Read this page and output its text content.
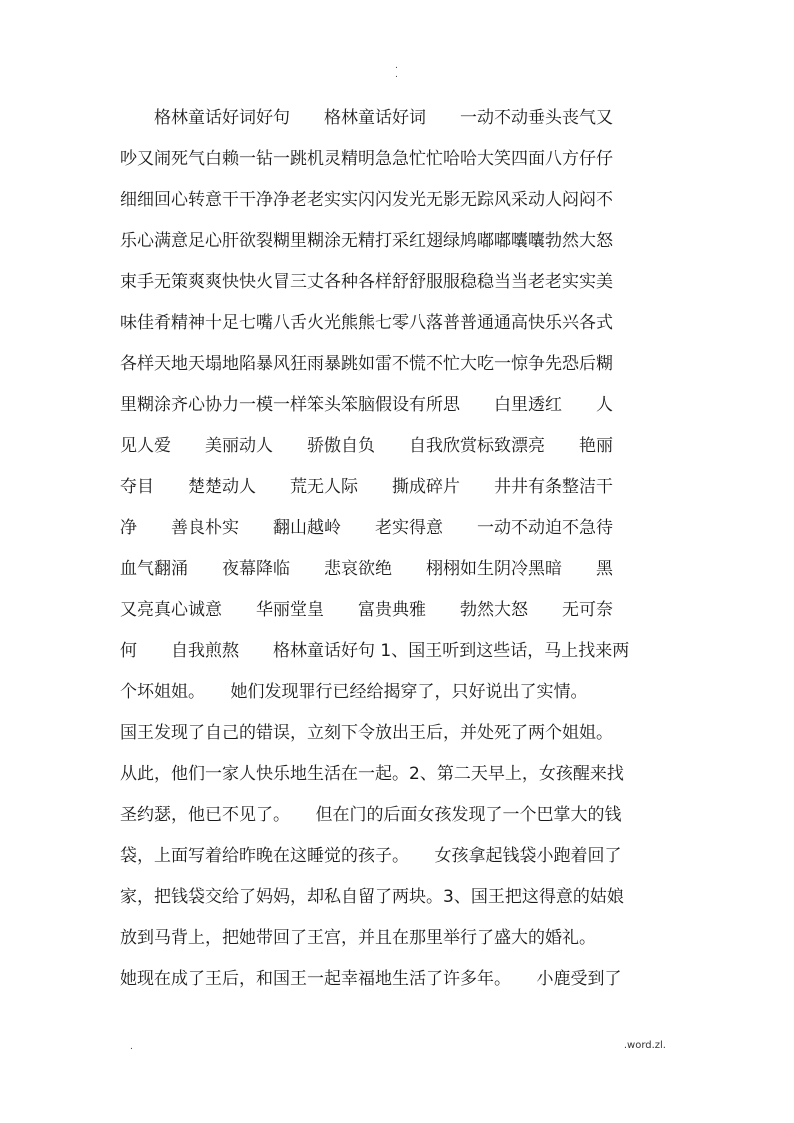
.
.
　　格林童话好词好句　　格林童话好词　　一动不动垂头丧气又
吵又闹死气白赖一钻一跳机灵精明急急忙忙哈哈大笑四面八方仔仔
细细回心转意干干净净老老实实闪闪发光无影无踪风采动人闷闷不
乐心满意足心肝欲裂糊里糊涂无精打采红翅绿鸠嘟嘟囔囔勃然大怒
束手无策爽爽快快火冒三丈各种各样舒舒服服稳稳当当老老实实美
味佳肴精神十足七嘴八舌火光熊熊七零八落普普通通高快乐兴各式
各样天地天塌地陷暴风狂雨暴跳如雷不慌不忙大吃一惊争先恐后糊
里糊涂齐心协力一模一样笨头笨脑假设有所思　　白里透红　　人
见人爱　　美丽动人　　骄傲自负　　自我欣赏标致漂亮　　艳丽
夺目　　楚楚动人　　荒无人际　　撕成碎片　　井井有条整洁干
净　　善良朴实　　翻山越岭　　老实得意　　一动不动迫不急待
血气翻涌　　夜幕降临　　悲哀欲绝　　栩栩如生阴冷黑暗　　黑
又亮真心诚意　　华丽堂皇　　富贵典雅　　勃然大怒　　无可奈
何　　自我煎熬　　格林童话好句 1、国王听到这些话，马上找来两
个坏姐姐。　　她们发现罪行已经给揭穿了，只好说出了实情。
国王发现了自己的错误，立刻下令放出王后，并处死了两个姐姐。
从此，他们一家人快乐地生活在一起。2、第二天早上，女孩醒来找
圣约瑟，他已不见了。　　但在门的后面女孩发现了一个巴掌大的钱
袋，上面写着给昨晚在这睡觉的孩子。　　女孩拿起钱袋小跑着回了
家，把钱袋交给了妈妈，却私自留了两块。3、国王把这得意的姑娘
放到马背上，把她带回了王宫，并且在那里举行了盛大的婚礼。
她现在成了王后，和国王一起幸福地生活了许多年。　　小鹿受到了
.	.word.zl.
